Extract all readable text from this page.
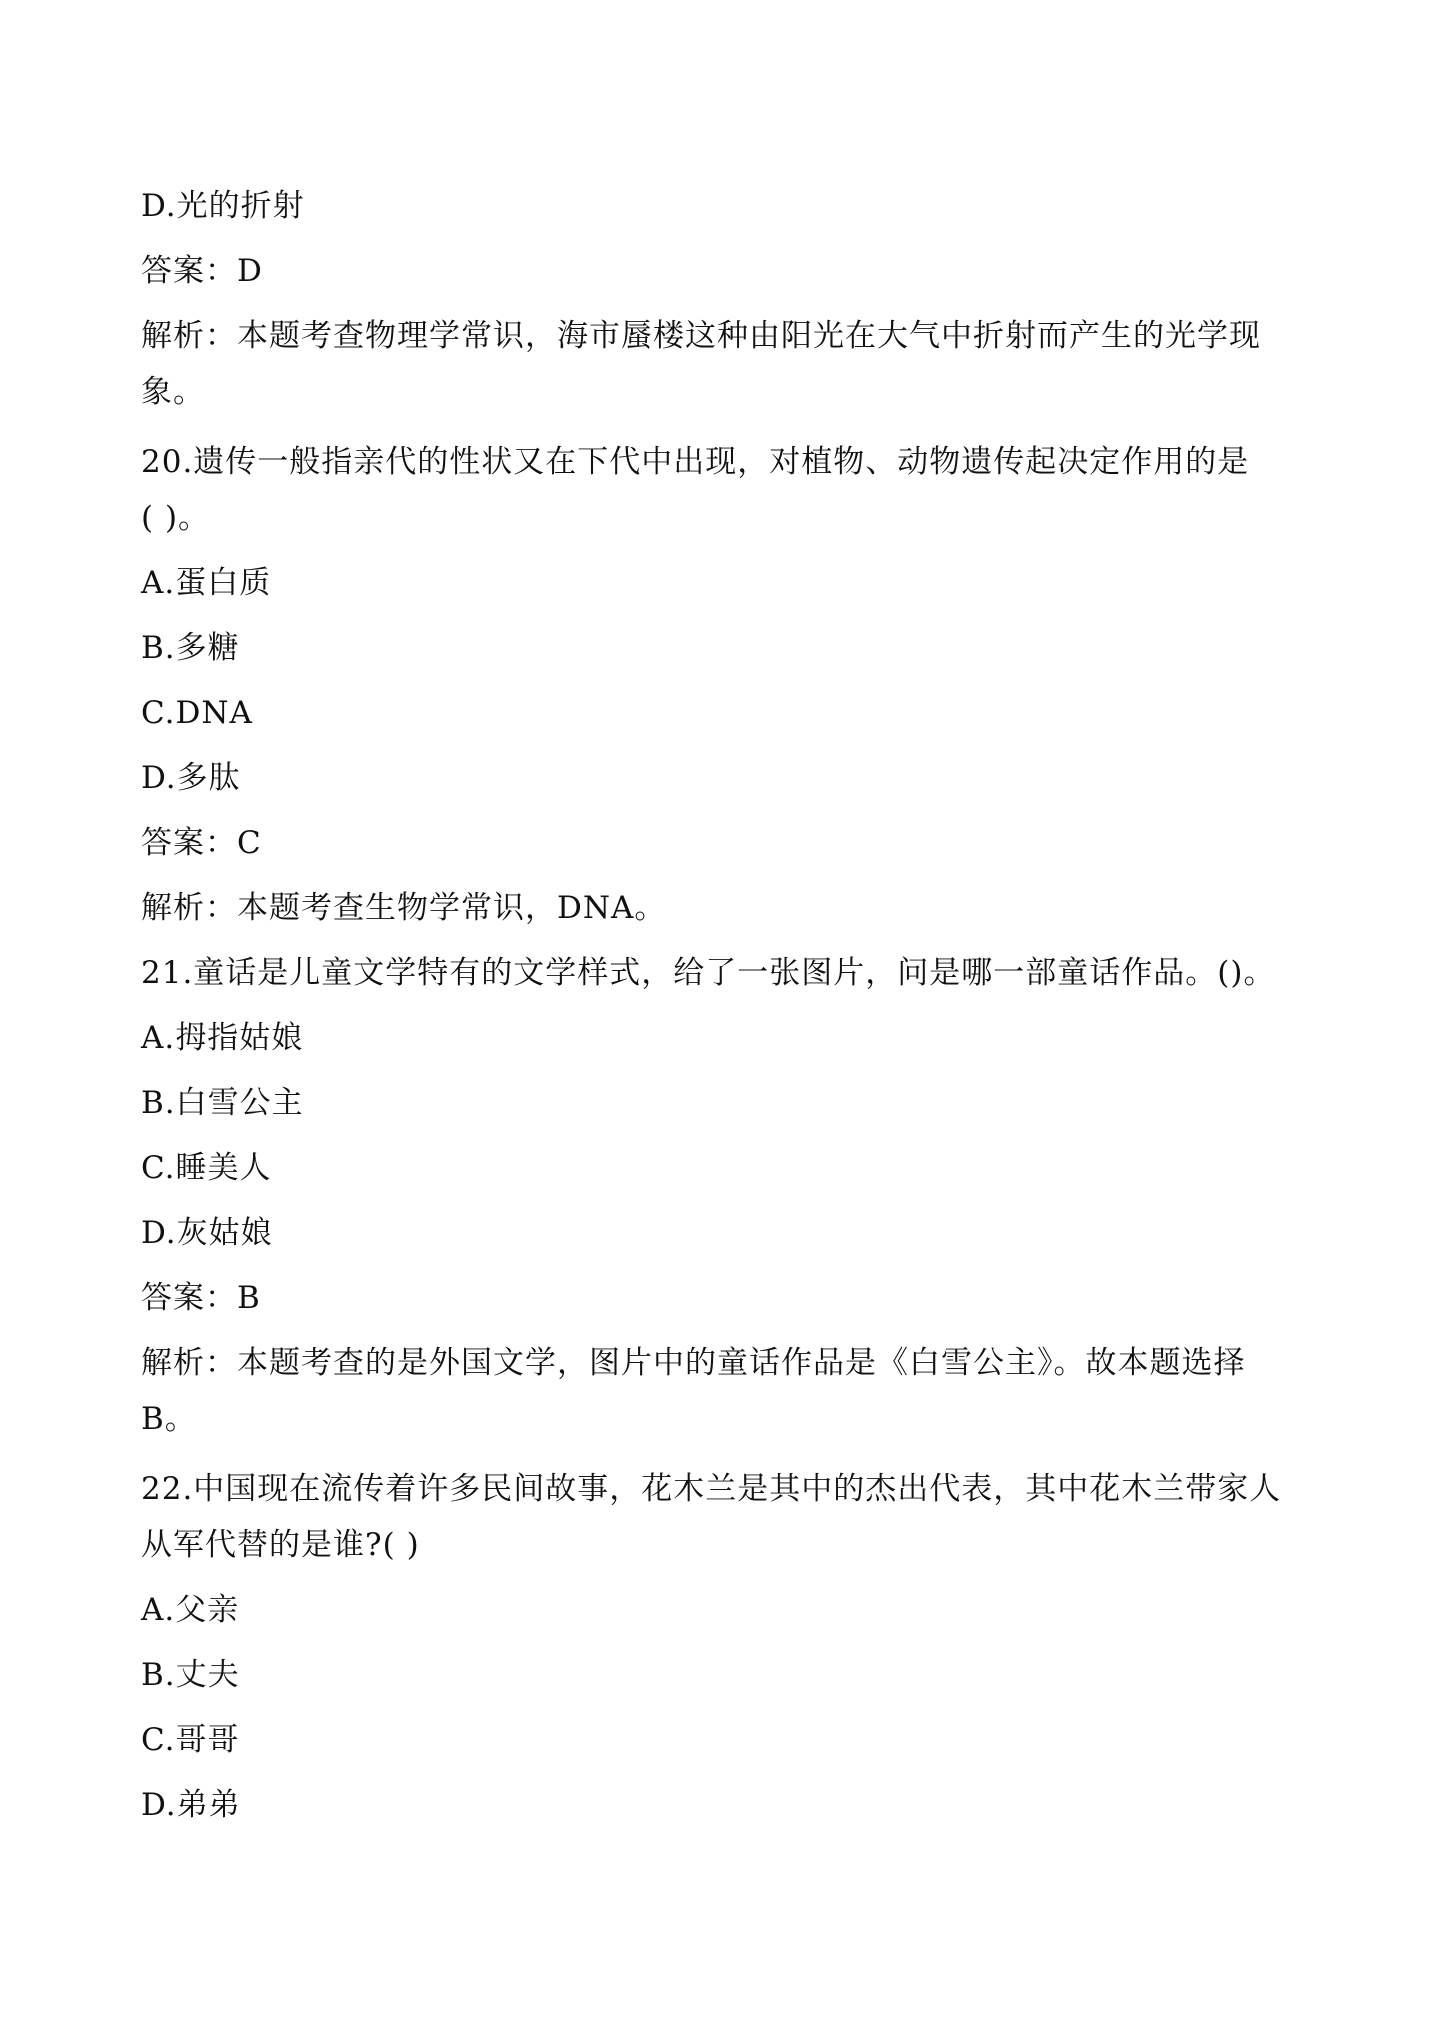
D.光的折射
答案：D
解析：本题考查物理学常识，海市蜃楼这种由阳光在大气中折射而产生的光学现
象。
20.遗传一般指亲代的性状又在下代中出现，对植物、动物遗传起决定作用的是
( )。
A.蛋白质
B.多糖
C.DNA
D.多肽
答案：C
解析：本题考查生物学常识，DNA。
21.童话是儿童文学特有的文学样式，给了一张图片，问是哪一部童话作品。()。
A.拇指姑娘
B.白雪公主
C.睡美人
D.灰姑娘
答案：B
解析：本题考查的是外国文学，图片中的童话作品是《白雪公主》。故本题选择
B。
22.中国现在流传着许多民间故事，花木兰是其中的杰出代表，其中花木兰带家人
从军代替的是谁?( )
A.父亲
B.丈夫
C.哥哥
D.弟弟
